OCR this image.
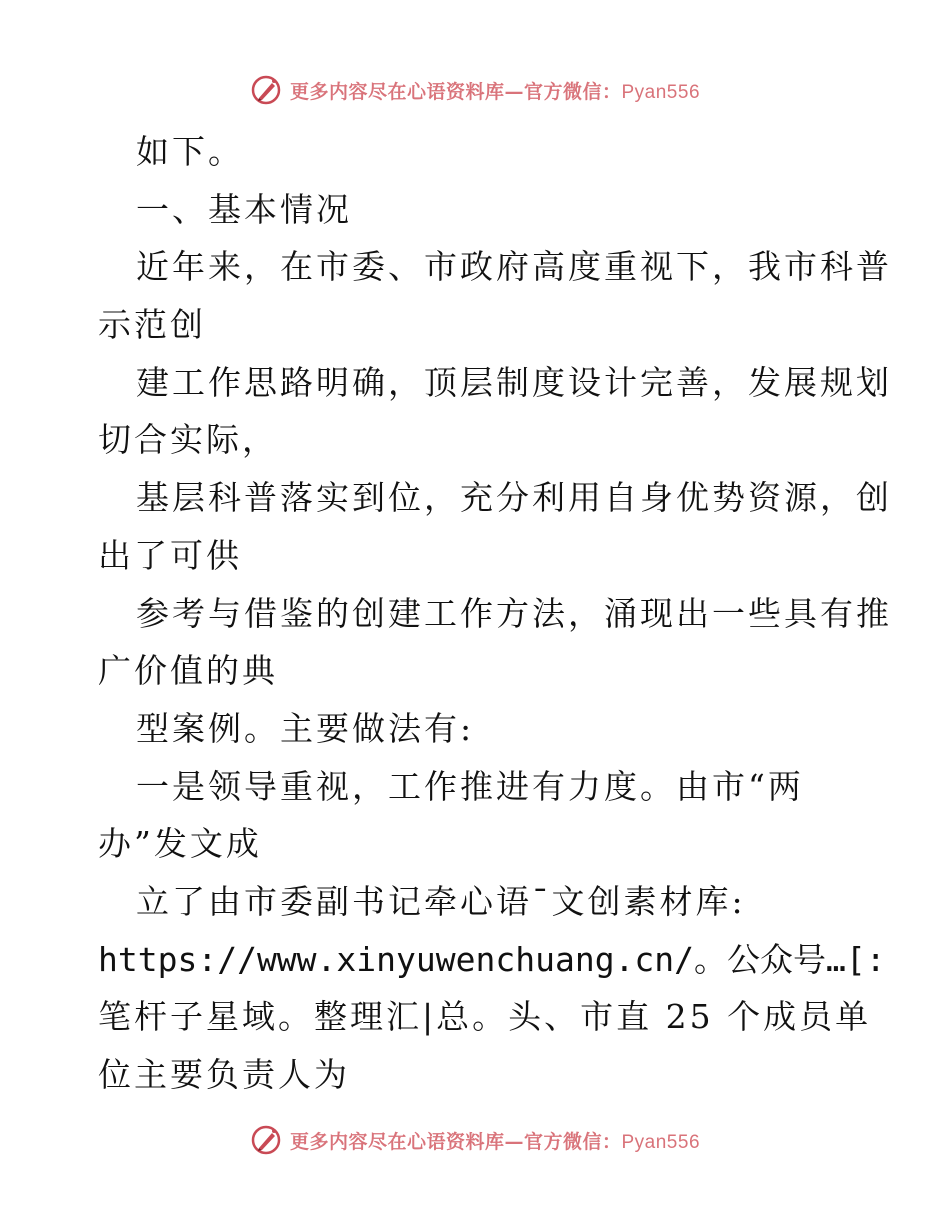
更多内容尽在心语资料库—官方微信：Pyan556
如下。
一、基本情况
近年来，在市委、市政府高度重视下，我市科普
示范创
建工作思路明确，顶层制度设计完善，发展规划
切合实际，
基层科普落实到位，充分利用自身优势资源，创
出了可供
参考与借鉴的创建工作方法，涌现出一些具有推
广价值的典
型案例。主要做法有:
一是领导重视，工作推进有力度。由市“两
办”发文成
立了由市委副书记牵心语¯文创素材库:
https://www.xinyuwenchuang.cn/。公众号…[:
笔杆子星域。整理汇|总。头、市直 25 个成员单
位主要负责人为
更多内容尽在心语资料库—官方微信：Pyan556
